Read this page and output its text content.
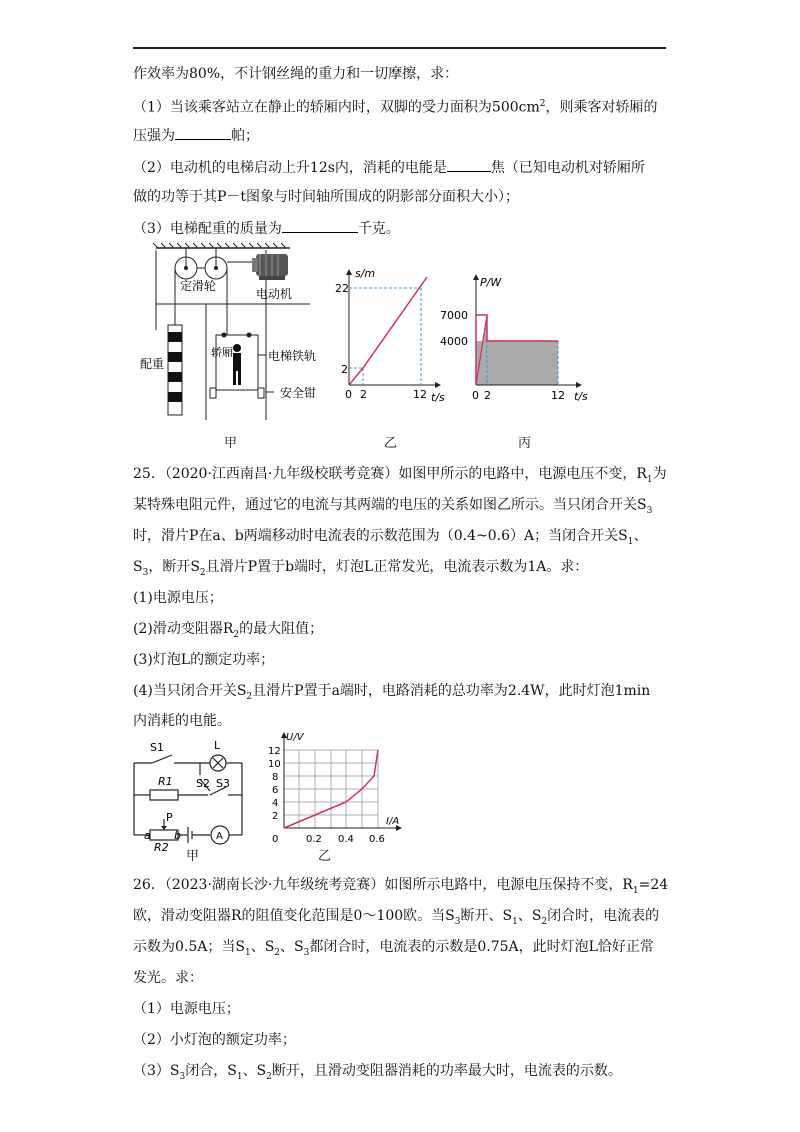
作效率为80%，不计钢丝绳的重力和一切摩擦，求：
（1）当该乘客站立在静止的轿厢内时，双脚的受力面积为$500cm^2$，则乘客对轿厢的
压强为	帕；
（2）电动机的电梯启动上升12s内，消耗的电能是	焦（已知电动机对轿厢所
做的功等于其P－t图象与时间轴所围成的阴影部分面积大小）；
（3）电梯配重的质量为	千克。
定滑轮
电动机
配重
轿厢	电梯铁轨
安全钳
甲
s/m
t/s
22
2
0 2	12
乙
P/W
t/s
7000
4000
0 2	12
丙
25．（2020·江西南昌·九年级校联考竞赛）如图甲所示的电路中，电源电压不变，$R_1$为
某特殊电阻元件，通过它的电流与其两端的电压的关系如图乙所示。当只闭合开关$S_3$
时，滑片P在a、b两端移动时电流表的示数范围为（0.4~0.6）A；当闭合开关$S_1$、
$S_3$，断开$S_2$且滑片P置于b端时，灯泡L正常发光，电流表示数为1A。求：
(1)电源电压；
(2)滑动变阻器$R_2$的最大阻值；
(3)灯泡L的额定功率；
(4)当只闭合开关$S_2$且滑片P置于a端时，电路消耗的总功率为2.4W，此时灯泡1min
内消耗的电能。
S1	L
R1 S2 S3
P
a
R2
b	A
甲
U/V
I/A
12
10
8
6
4
2
0	0.2 0.4 0.6
乙
26．（2023·湖南长沙·九年级统考竞赛）如图所示电路中，电源电压保持不变，$R_1=24$
欧，滑动变阻器R的阻值变化范围是0～100欧。当$S_3$断开、$S_1$、$S_2$闭合时，电流表的
示数为0.5A；当$S_1$、$S_2$、$S_3$都闭合时，电流表的示数是0.75A，此时灯泡L恰好正常
发光。求：
（1）电源电压；
（2）小灯泡的额定功率；
$(3)S_3$闭合，$S_1$、$S_2$断开，且滑动变阻器消耗的功率最大时，电流表的示数。
